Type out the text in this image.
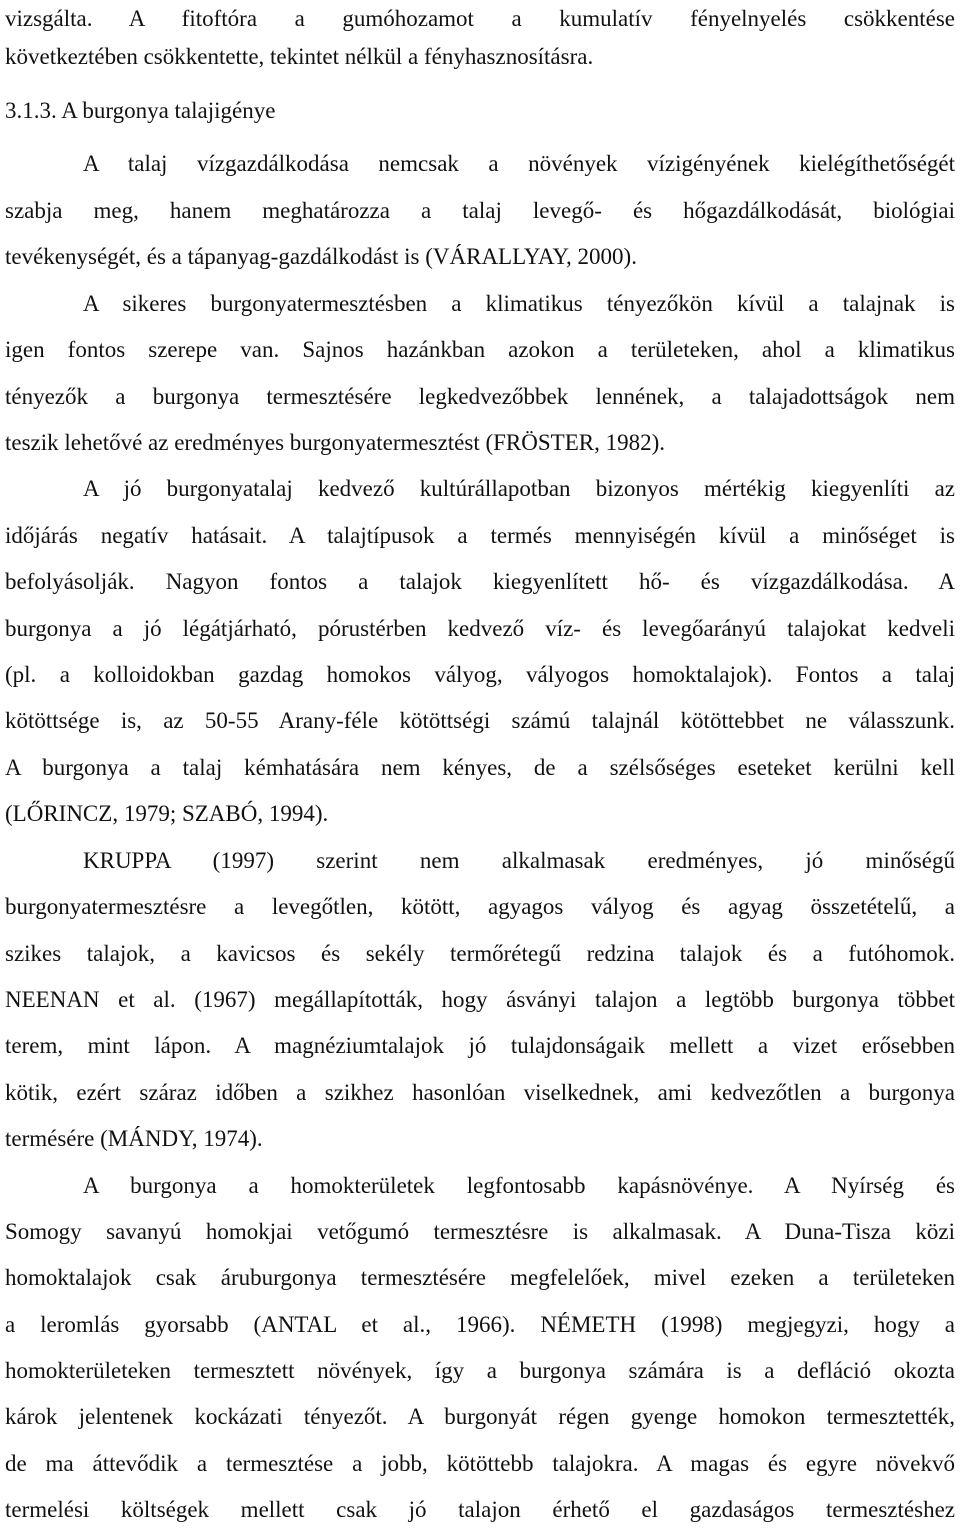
vizsgálta. A fitoftóra a gumóhozamot a kumulatív fényelnyelés csökkentése
következtében csökkentette, tekintet nélkül a fényhasznosításra.
3.1.3. A burgonya talajigénye
A talaj vízgazdálkodása nemcsak a növények vízigényének kielégíthetőségét
szabja meg, hanem meghatározza a talaj levegő- és hőgazdálkodását, biológiai
tevékenységét, és a tápanyag-gazdálkodást is (VÁRALLYAY, 2000).
A sikeres burgonyatermesztésben a klimatikus tényezőkön kívül a talajnak is
igen fontos szerepe van. Sajnos hazánkban azokon a területeken, ahol a klimatikus
tényezők a burgonya termesztésére legkedvezőbbek lennének, a talajadottságok nem
teszik lehetővé az eredményes burgonyatermesztést (FRÖSTER, 1982).
A jó burgonyatalaj kedvező kultúrállapotban bizonyos mértékig kiegyenlíti az
időjárás negatív hatásait. A talajtípusok a termés mennyiségén kívül a minőséget is
befolyásolják. Nagyon fontos a talajok kiegyenlített hő- és vízgazdálkodása. A
burgonya a jó légátjárható, pórustérben kedvező víz- és levegőarányú talajokat kedveli
(pl. a kolloidokban gazdag homokos vályog, vályogos homoktalajok). Fontos a talaj
kötöttsége is, az 50-55 Arany-féle kötöttségi számú talajnál kötöttebbet ne válasszunk.
A burgonya a talaj kémhatására nem kényes, de a szélsőséges eseteket kerülni kell
(LŐRINCZ, 1979; SZABÓ, 1994).
KRUPPA (1997) szerint nem alkalmasak eredményes, jó minőségű
burgonyatermesztésre a levegőtlen, kötött, agyagos vályog és agyag összetételű, a
szikes talajok, a kavicsos és sekély termőrétegű redzina talajok és a futóhomok.
NEENAN et al. (1967) megállapították, hogy ásványi talajon a legtöbb burgonya többet
terem, mint lápon. A magnéziumtalajok jó tulajdonságaik mellett a vizet erősebben
kötik, ezért száraz időben a szikhez hasonlóan viselkednek, ami kedvezőtlen a burgonya
termésére (MÁNDY, 1974).
A burgonya a homokterületek legfontosabb kapásnövénye. A Nyírség és
Somogy savanyú homokjai vetőgumó termesztésre is alkalmasak. A Duna-Tisza közi
homoktalajok csak áruburgonya termesztésére megfelelőek, mivel ezeken a területeken
a leromlás gyorsabb (ANTAL et al., 1966). NÉMETH (1998) megjegyzi, hogy a
homokterületeken termesztett növények, így a burgonya számára is a defláció okozta
károk jelentenek kockázati tényezőt. A burgonyát régen gyenge homokon termesztették,
de ma áttevődik a termesztése a jobb, kötöttebb talajokra. A magas és egyre növekvő
termelési költségek mellett csak jó talajon érhető el gazdaságos termesztéshez
